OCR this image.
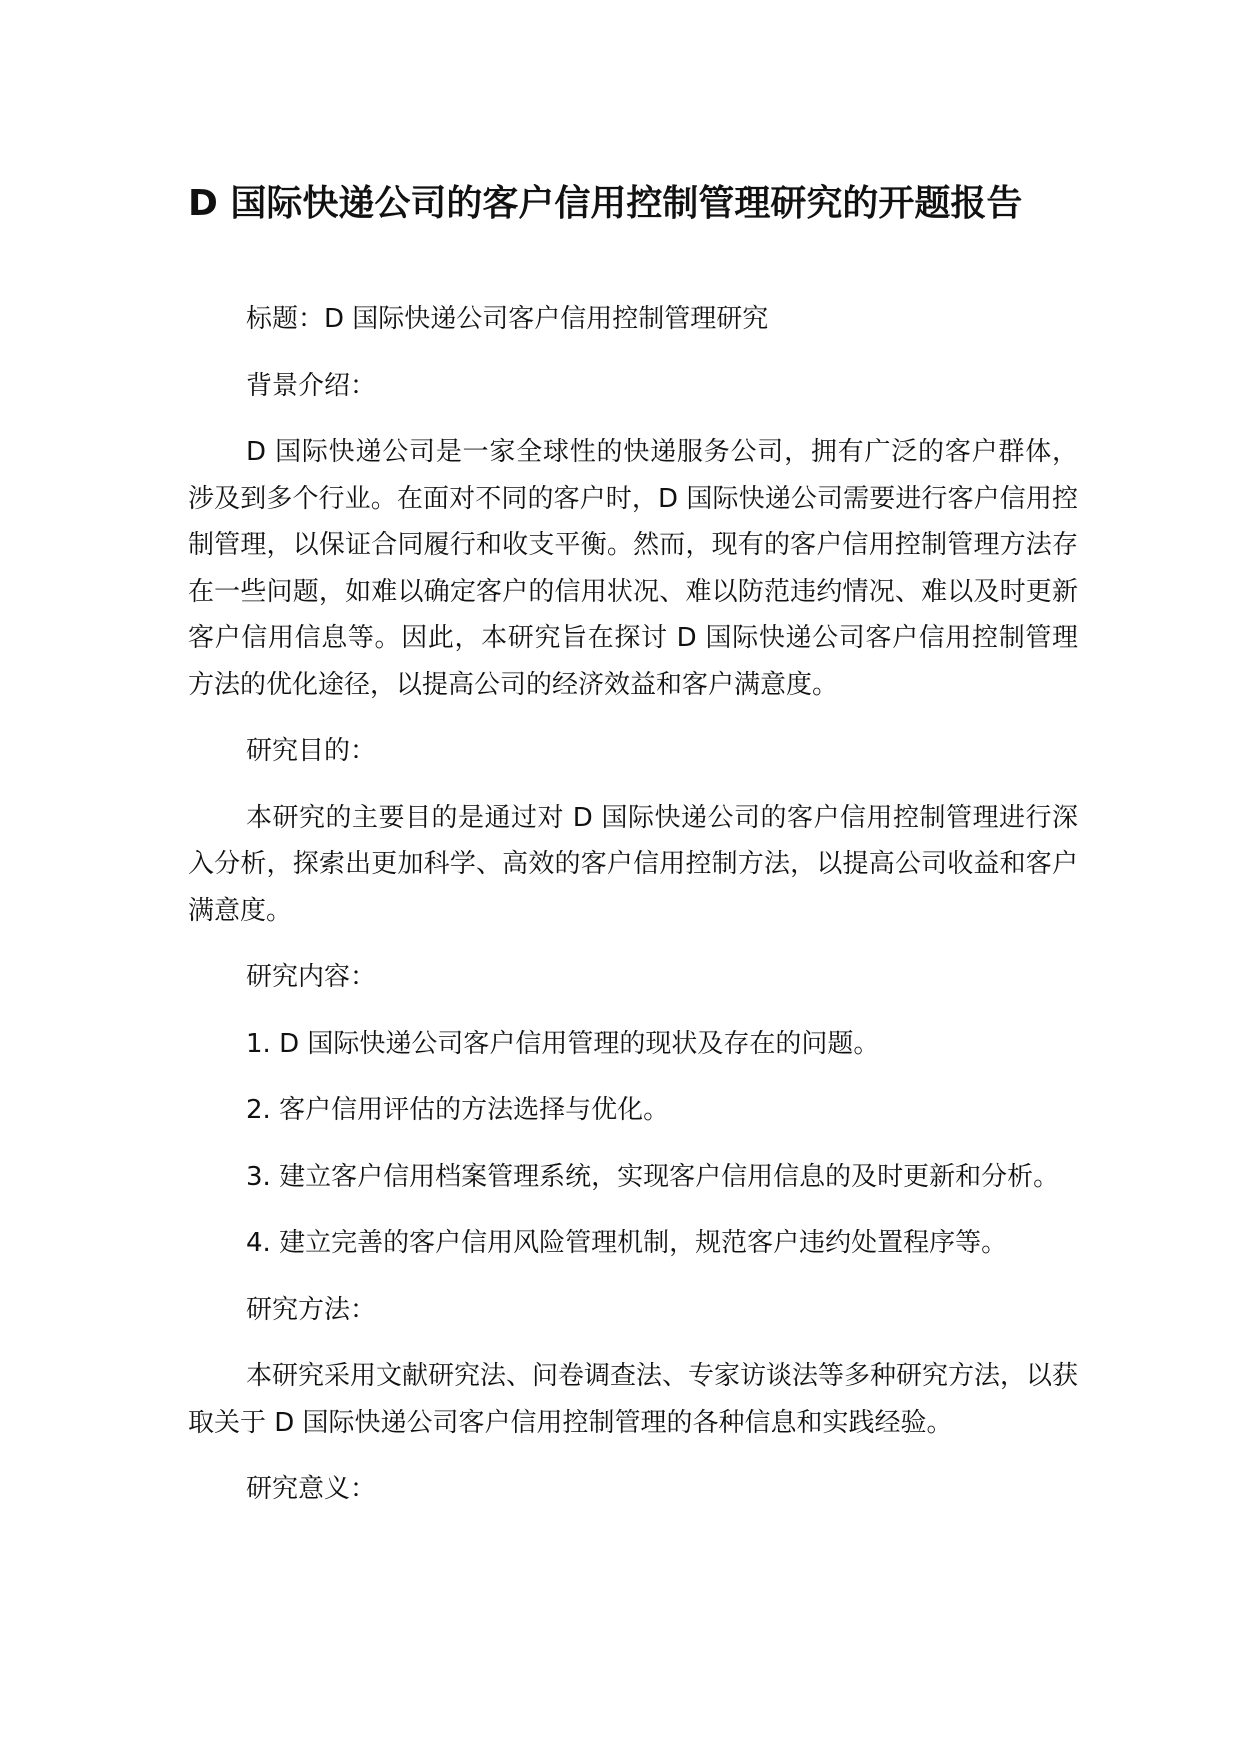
D 国际快递公司的客户信用控制管理研究的开题报告

标题：D 国际快递公司客户信用控制管理研究

背景介绍：

D 国际快递公司是一家全球性的快递服务公司，拥有广泛的客户群体，涉及到多个行业。在面对不同的客户时，D 国际快递公司需要进行客户信用控制管理，以保证合同履行和收支平衡。然而，现有的客户信用控制管理方法存在一些问题，如难以确定客户的信用状况、难以防范违约情况、难以及时更新客户信用信息等。因此，本研究旨在探讨 D 国际快递公司客户信用控制管理方法的优化途径，以提高公司的经济效益和客户满意度。

研究目的：

本研究的主要目的是通过对 D 国际快递公司的客户信用控制管理进行深入分析，探索出更加科学、高效的客户信用控制方法，以提高公司收益和客户满意度。

研究内容：

1. D 国际快递公司客户信用管理的现状及存在的问题。

2. 客户信用评估的方法选择与优化。

3. 建立客户信用档案管理系统，实现客户信用信息的及时更新和分析。

4. 建立完善的客户信用风险管理机制，规范客户违约处置程序等。

研究方法：

本研究采用文献研究法、问卷调查法、专家访谈法等多种研究方法，以获取关于 D 国际快递公司客户信用控制管理的各种信息和实践经验。

研究意义：
